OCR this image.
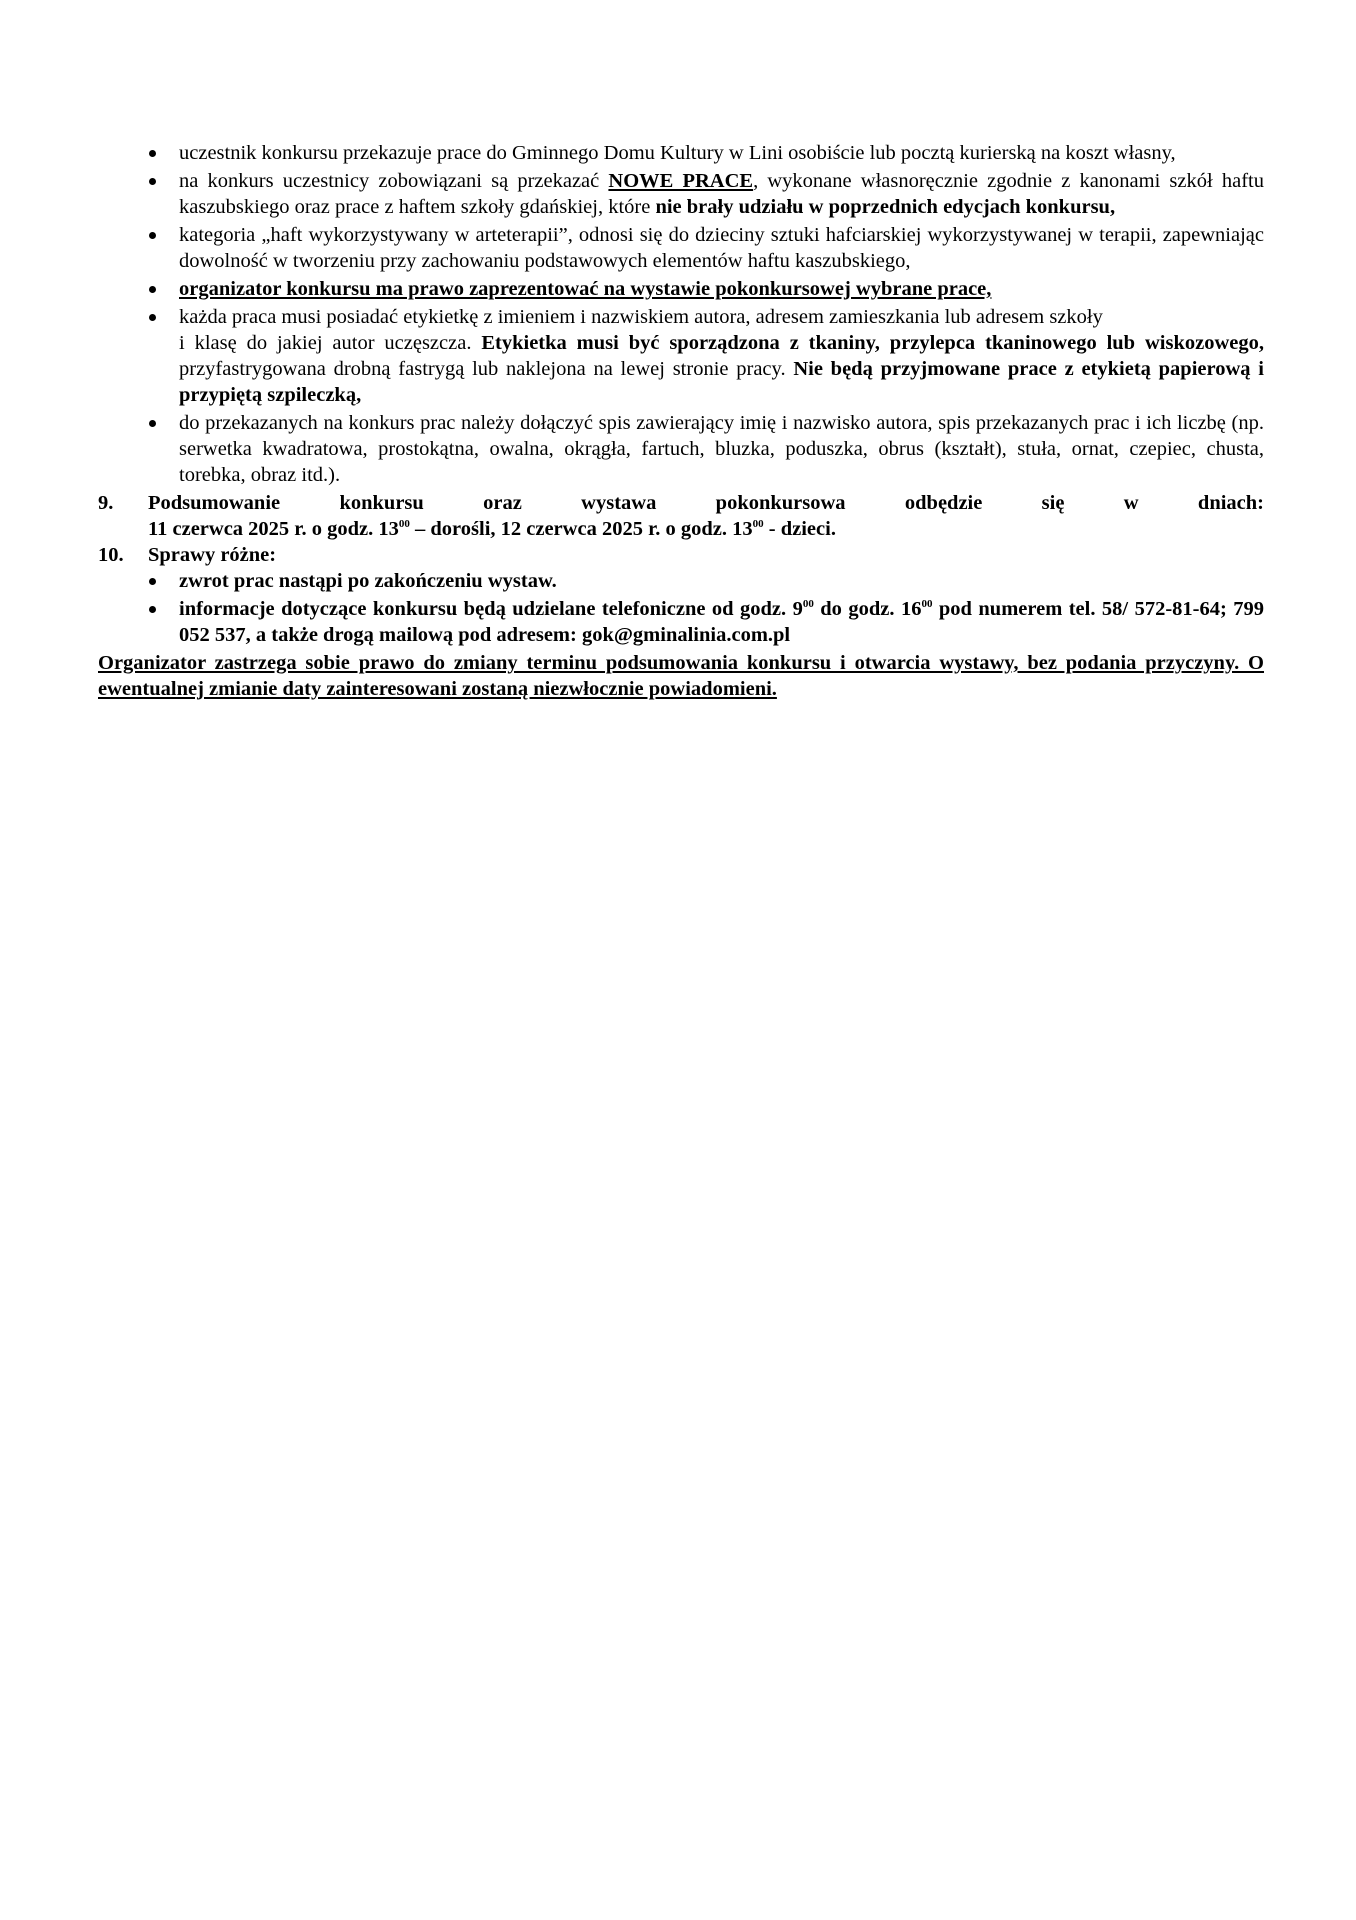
uczestnik konkursu przekazuje prace do Gminnego Domu Kultury w Lini osobiście lub pocztą kurierską na koszt własny,
na konkurs uczestnicy zobowiązani są przekazać NOWE PRACE, wykonane własnoręcznie zgodnie z kanonami szkół haftu kaszubskiego oraz prace z haftem szkoły gdańskiej, które nie brały udziału w poprzednich edycjach konkursu,
kategoria „haft wykorzystywany w arteterapii”, odnosi się do dzieciny sztuki hafciarskiej wykorzystywanej w terapii, zapewniając dowolność w tworzeniu przy zachowaniu podstawowych elementów haftu kaszubskiego,
organizator konkursu ma prawo zaprezentować na wystawie pokonkursowej wybrane prace,
każda praca musi posiadać etykietkę z imieniem i nazwiskiem autora, adresem zamieszkania lub adresem szkoły
i klasę do jakiej autor uczęszcza. Etykietka musi być sporządzona z tkaniny, przylepca tkaninowego lub wiskozowego, przyfastrygowana drobną fastrygą lub naklejona na lewej stronie pracy. Nie będą przyjmowane prace z etykietą papierową i przypiętą szpileczką,
do przekazanych na konkurs prac należy dołączyć spis zawierający imię i nazwisko autora, spis przekazanych prac i ich liczbę (np. serwetka kwadratowa, prostokątna, owalna, okrągła, fartuch, bluzka, poduszka, obrus (kształt), stuła, ornat, czepiec, chusta, torebka, obraz itd.).
9. Podsumowanie konkursu oraz wystawa pokonkursowa odbędzie się w dniach:
11 czerwca 2025 r. o godz. $13^{00}$ – dorośli, 12 czerwca 2025 r. o godz. $13^{00}$ - dzieci.
10. Sprawy różne:
zwrot prac nastąpi po zakończeniu wystaw.
informacje dotyczące konkursu będą udzielane telefoniczne od godz. $9^{00}$ do godz. $16^{00}$ pod numerem tel. 58/ 572-81-64; 799 052 537, a także drogą mailową pod adresem: gok@gminalinia.com.pl
Organizator zastrzega sobie prawo do zmiany terminu podsumowania konkursu i otwarcia wystawy, bez podania przyczyny. O ewentualnej zmianie daty zainteresowani zostaną niezwłocznie powiadomieni.
